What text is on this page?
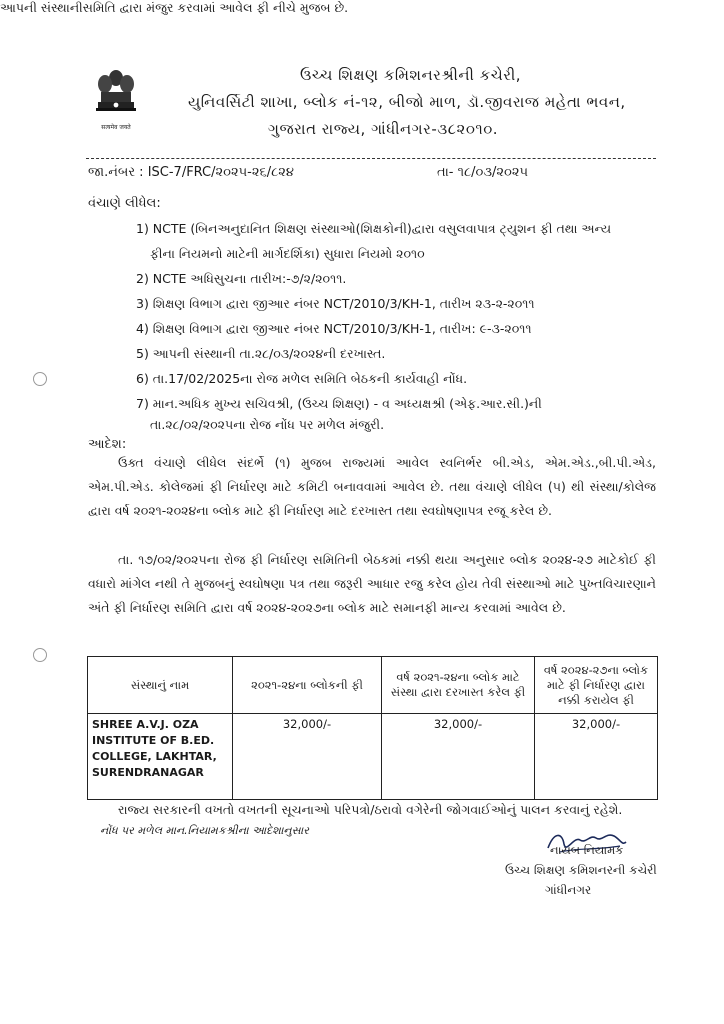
सत्यमेव जयते
ઉચ્ચ શિક્ષણ કમિશનરશ્રીની કચેરી,
યુનિવર્સિટી શાખા, બ્લોક નં-૧૨, બીજો માળ, ડૉ.જીવરાજ મહેતા ભવન,
ગુજરાત રાજ્ય, ગાંધીનગર-૩૮૨૦૧૦.
જા.નંબર : ISC-7/FRC/૨૦૨૫-૨૬/૮૨૪	તા- ૧૮/૦૩/૨૦૨૫
વંચાણે લીધેલ:
1) NCTE (બિનઅનુદાનિત શિક્ષણ સંસ્થાઓ(શિક્ષકોની)દ્વારા વસુલવાપાત્ર ટ્યુશન ફી તથા અન્ય
ફીના નિયમનો માટેની માર્ગદર્શિકા) સુધારા નિયમો ૨૦૧૦
2) NCTE અધિસુચના તારીખ:-૭/૨/૨૦૧૧.
3) શિક્ષણ વિભાગ દ્વારા જીઆર નંબર NCT/2010/3/KH-1, તારીખ ૨૩-૨-૨૦૧૧
4) શિક્ષણ વિભાગ દ્વારા જીઆર નંબર NCT/2010/3/KH-1, તારીખ: ૯-૩-૨૦૧૧
5) આપની સંસ્થાની તા.૨૮/૦૩/૨૦૨૪ની દરખાસ્ત.
6) તા.17/02/2025ના રોજ મળેલ સમિતિ બેઠકની કાર્યવાહી નોંધ.
7) માન.અધિક મુખ્ય સચિવશ્રી, (ઉચ્ચ શિક્ષણ) - વ અધ્યક્ષશ્રી (એફ.આર.સી.)ની
તા.૨૮/૦૨/૨૦૨૫ના રોજ નોંધ પર મળેલ મંજુરી.
આદેશ:
ઉક્ત વંચાણે લીધેલ સંદર્ભે (૧) મુજબ રાજ્યમાં આવેલ સ્વનિર્ભર બી.એડ, એમ.એડ.,બી.પી.એડ, એમ.પી.એડ. કોલેજમાં ફી નિર્ધારણ માટે કમિટી બનાવવામાં આવેલ છે. તથા વંચાણે લીધેલ (૫) થી સંસ્થા/કોલેજ દ્વારા વર્ષ ૨૦૨૧-૨૦૨૪ના બ્લોક માટે ફી નિર્ધારણ માટે દરખાસ્ત તથા સ્વઘોષણાપત્ર રજૂ કરેલ છે.
તા. ૧૭/૦૨/૨૦૨૫ના રોજ ફી નિર્ધારણ સમિતિની બેઠકમાં નક્કી થયા અનુસાર બ્લોક ૨૦૨૪-૨૭ માટેકોઈ ફી વધારો માંગેલ નથી તે મુજબનું સ્વઘોષણા પત્ર તથા જરૂરી આધાર રજુ કરેલ હોય તેવી સંસ્થાઓ માટે પુખ્તવિચારણાને અંતે ફી નિર્ધારણ સમિતિ દ્વારા વર્ષ ૨૦૨૪-૨૦૨૭ના બ્લોક માટે સમાનફી માન્ય કરવામાં આવેલ છે.
આપની સંસ્થાનીસમિતિ દ્વારા મંજુર કરવામાં આવેલ ફી નીચે મુજબ છે.
સંસ્થાનું નામ	૨૦૨૧-૨૪ના બ્લોકની ફી	વર્ષ ૨૦૨૧-૨૪ના બ્લોક માટે સંસ્થા દ્વારા દરખાસ્ત કરેલ ફી	વર્ષ ૨૦૨૪-૨૭ના બ્લોક માટે ફી નિર્ધારણ દ્વારા નક્કી કરાયેલ ફી
SHREE A.V.J. OZA INSTITUTE OF B.ED. COLLEGE, LAKHTAR, SURENDRANAGAR	32,000/-	32,000/-	32,000/-
રાજ્ય સરકારની વખતો વખતની સૂચનાઓ પરિપત્રો/ઠરાવો વગેરેની જોગવાઈઓનું પાલન કરવાનું રહેશે.
નોંધ પર મળેલ માન.નિયામકશ્રીના આદેશાનુસાર
નાયબ નિયામક
ઉચ્ચ શિક્ષણ કમિશનરની કચેરી
ગાંધીનગર
